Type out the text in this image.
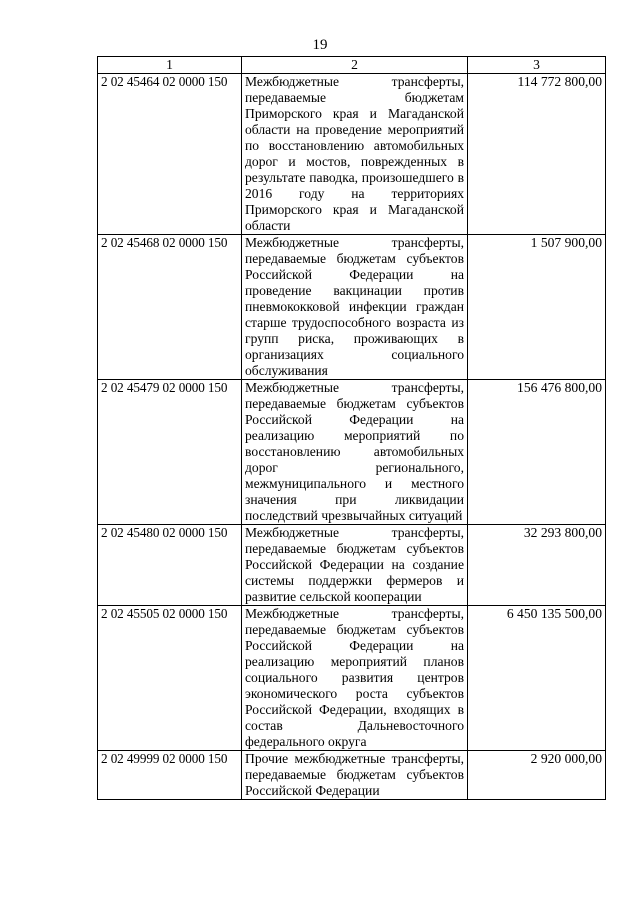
19
1	2	3
2 02 45464 02 0000 150	Межбюджетные трансферты, передаваемые бюджетам Приморского края и Магаданской области на проведение мероприятий по восстановлению автомобильных дорог и мостов, поврежденных в результате паводка, произошедшего в 2016 году на территориях Приморского края и Магаданской области	114 772 800,00
2 02 45468 02 0000 150	Межбюджетные трансферты, передаваемые бюджетам субъектов Российской Федерации на проведение вакцинации против пневмококковой инфекции граждан старше трудоспособного возраста из групп риска, проживающих в организациях социального обслуживания	1 507 900,00
2 02 45479 02 0000 150	Межбюджетные трансферты, передаваемые бюджетам субъектов Российской Федерации на реализацию мероприятий по восстановлению автомобильных дорог регионального, межмуниципального и местного значения при ликвидации последствий чрезвычайных ситуаций	156 476 800,00
2 02 45480 02 0000 150	Межбюджетные трансферты, передаваемые бюджетам субъектов Российской Федерации на создание системы поддержки фермеров и развитие сельской кооперации	32 293 800,00
2 02 45505 02 0000 150	Межбюджетные трансферты, передаваемые бюджетам субъектов Российской Федерации на реализацию мероприятий планов социального развития центров экономического роста субъектов Российской Федерации, входящих в состав Дальневосточного федерального округа	6 450 135 500,00
2 02 49999 02 0000 150	Прочие межбюджетные трансферты, передаваемые бюджетам субъектов Российской Федерации	2 920 000,00
